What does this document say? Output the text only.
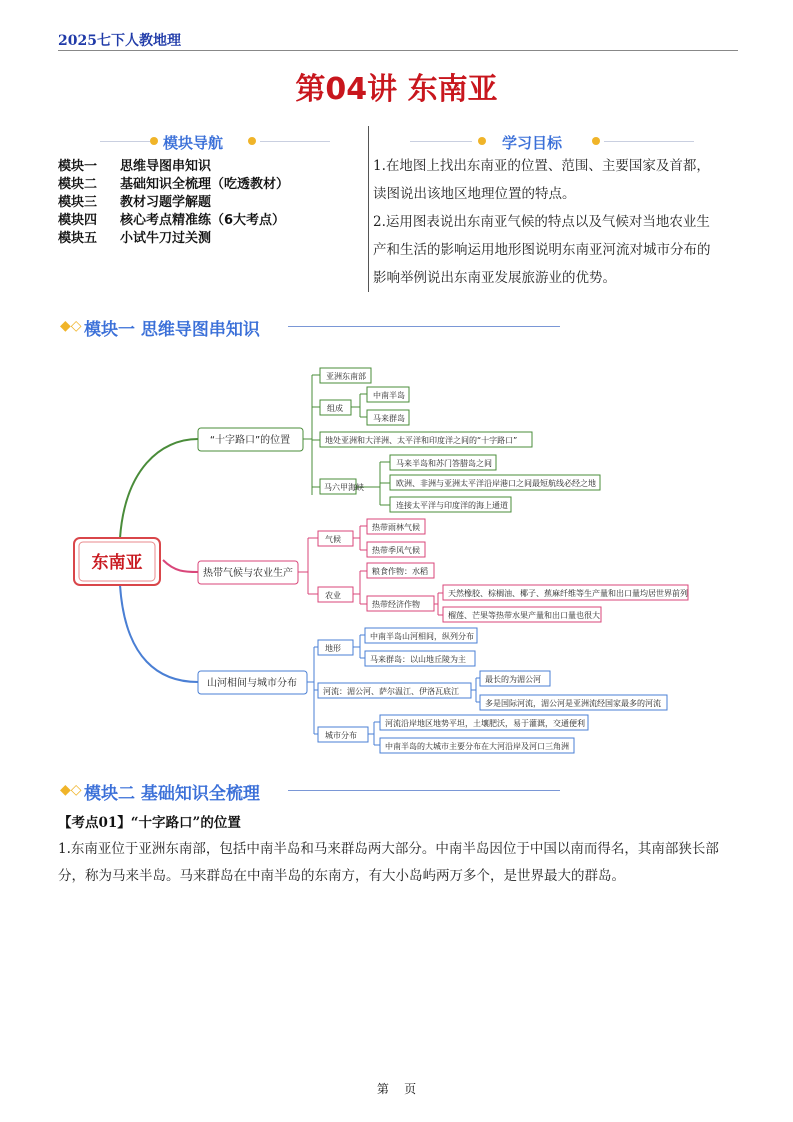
2025七下人教地理
第04讲 东南亚
模块导航
模块一	思维导图串知识
模块二	基础知识全梳理（吃透教材）
模块三	教材习题学解题
模块四	核心考点精准练（6大考点）
模块五	小试牛刀过关测
学习目标
1.在地图上找出东南亚的位置、范围、主要国家及首都，读图说出该地区地理位置的特点。
2.运用图表说出东南亚气候的特点以及气候对当地农业生产和生活的影响运用地形图说明东南亚河流对城市分布的影响举例说出东南亚发展旅游业的优势。
◆◇ 模块一 思维导图串知识
东南亚
“十字路口”的位置
亚洲东南部
组成
中南半岛
马来群岛
地处亚洲和大洋洲、太平洋和印度洋之间的“十字路口”
马六甲海峡
马来半岛和苏门答腊岛之间
欧洲、非洲与亚洲太平洋沿岸港口之间最短航线必经之地
连接太平洋与印度洋的海上通道
热带气候与农业生产
气候
热带雨林气候
热带季风气候
农业
粮食作物：水稻
热带经济作物
天然橡胶、棕榈油、椰子、蕉麻纤维等生产量和出口量均居世界前列
榴莲、芒果等热带水果产量和出口量也很大
山河相间与城市分布
地形
中南半岛山河相间，纵列分布
马来群岛：以山地丘陵为主
河流：湄公河、萨尔温江、伊洛瓦底江
最长的为湄公河
多是国际河流，湄公河是亚洲流经国家最多的河流
城市分布
河流沿岸地区地势平坦，土壤肥沃，易于灌溉，交通便利
中南半岛的大城市主要分布在大河沿岸及河口三角洲
◆◇ 模块二 基础知识全梳理
【考点01】“十字路口”的位置
1.东南亚位于亚洲东南部，包括中南半岛和马来群岛两大部分。中南半岛因位于中国以南而得名，其南部狭长部分，称为马来半岛。马来群岛在中南半岛的东南方，有大小岛屿两万多个，是世界最大的群岛。
第    页
